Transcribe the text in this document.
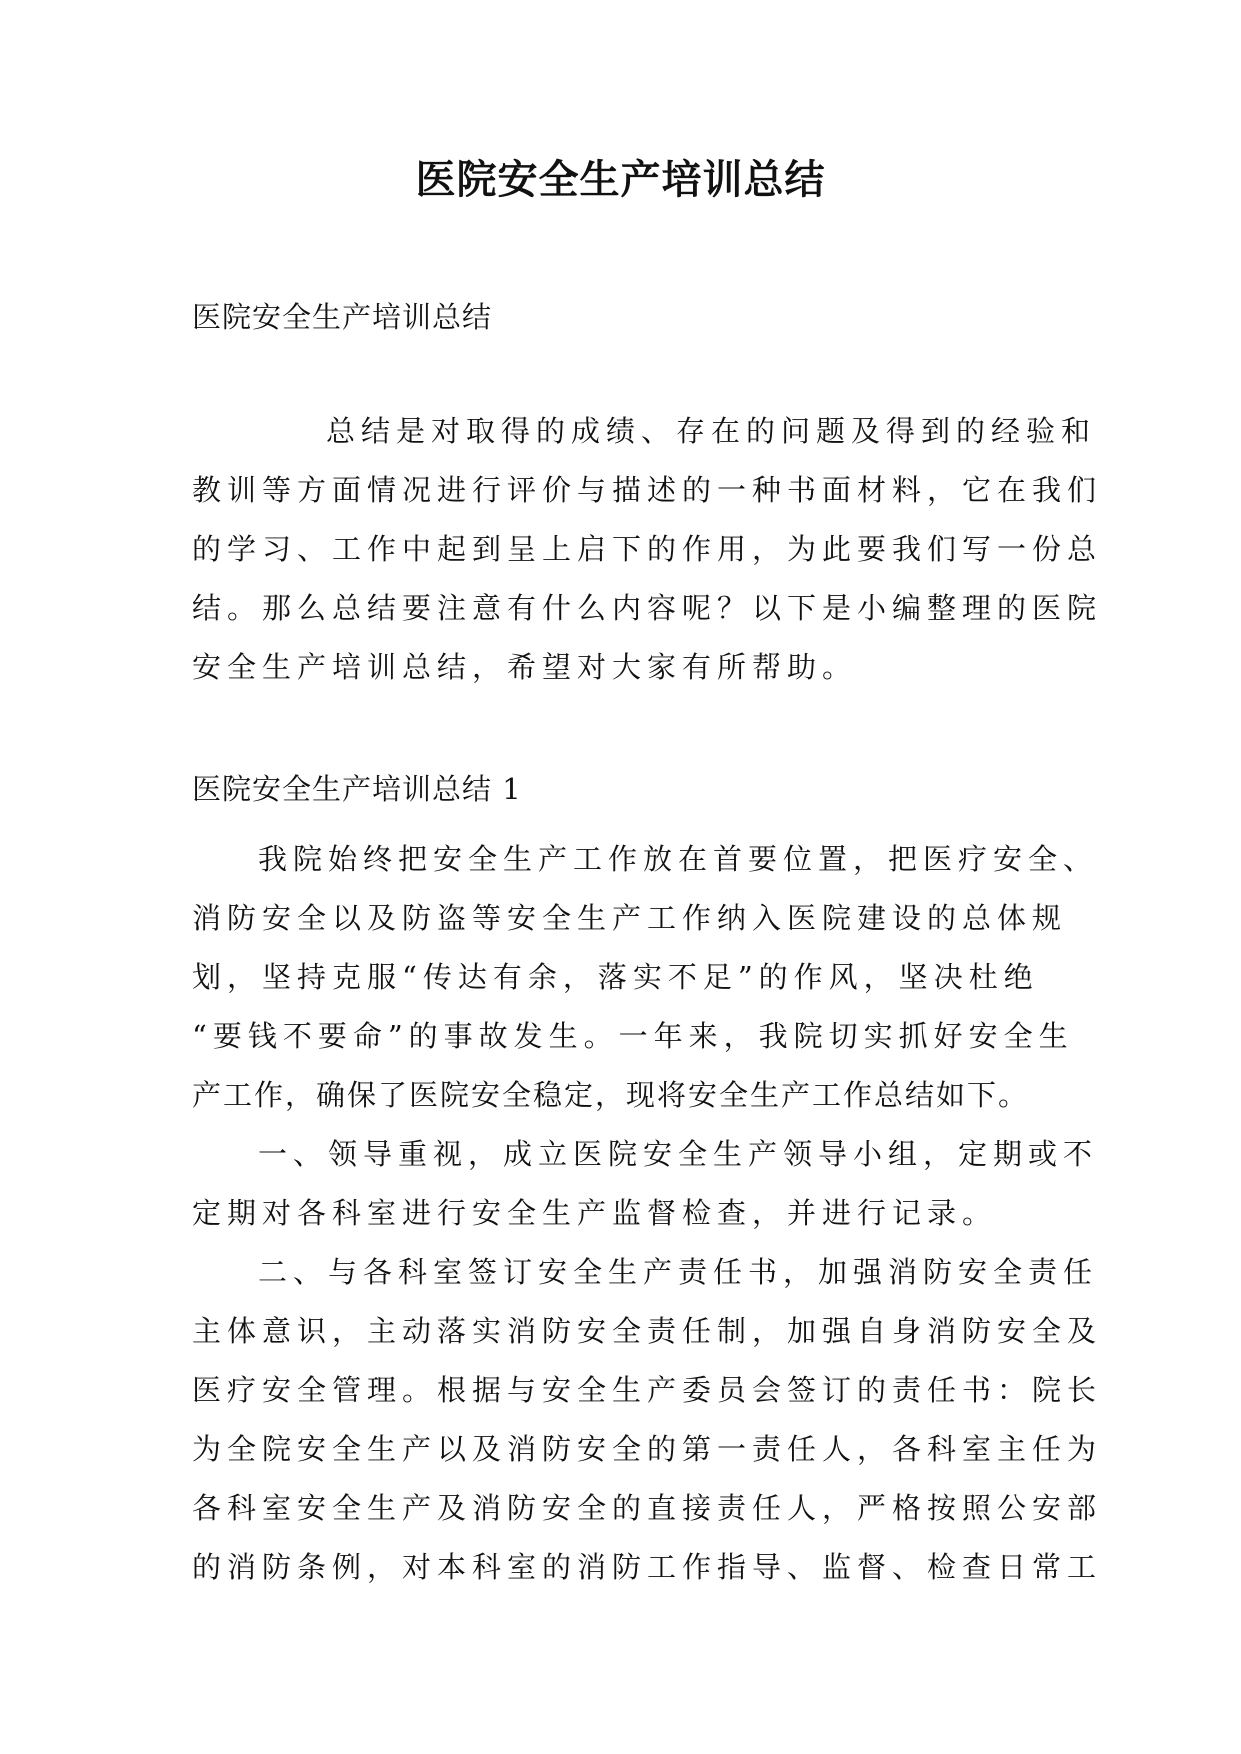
医院安全生产培训总结

医院安全生产培训总结

总结是对取得的成绩、存在的问题及得到的经验和
教训等方面情况进行评价与描述的一种书面材料，它在我们
的学习、工作中起到呈上启下的作用，为此要我们写一份总
结。那么总结要注意有什么内容呢？以下是小编整理的医院
安全生产培训总结，希望对大家有所帮助。

医院安全生产培训总结 1

我院始终把安全生产工作放在首要位置，把医疗安全、
消防安全以及防盗等安全生产工作纳入医院建设的总体规
划，坚持克服“传达有余，落实不足”的作风，坚决杜绝
“要钱不要命”的事故发生。一年来，我院切实抓好安全生
产工作，确保了医院安全稳定，现将安全生产工作总结如下。
一、领导重视，成立医院安全生产领导小组，定期或不
定期对各科室进行安全生产监督检查，并进行记录。
二、与各科室签订安全生产责任书，加强消防安全责任
主体意识，主动落实消防安全责任制，加强自身消防安全及
医疗安全管理。根据与安全生产委员会签订的责任书：院长
为全院安全生产以及消防安全的第一责任人，各科室主任为
各科室安全生产及消防安全的直接责任人，严格按照公安部
的消防条例，对本科室的消防工作指导、监督、检查日常工
